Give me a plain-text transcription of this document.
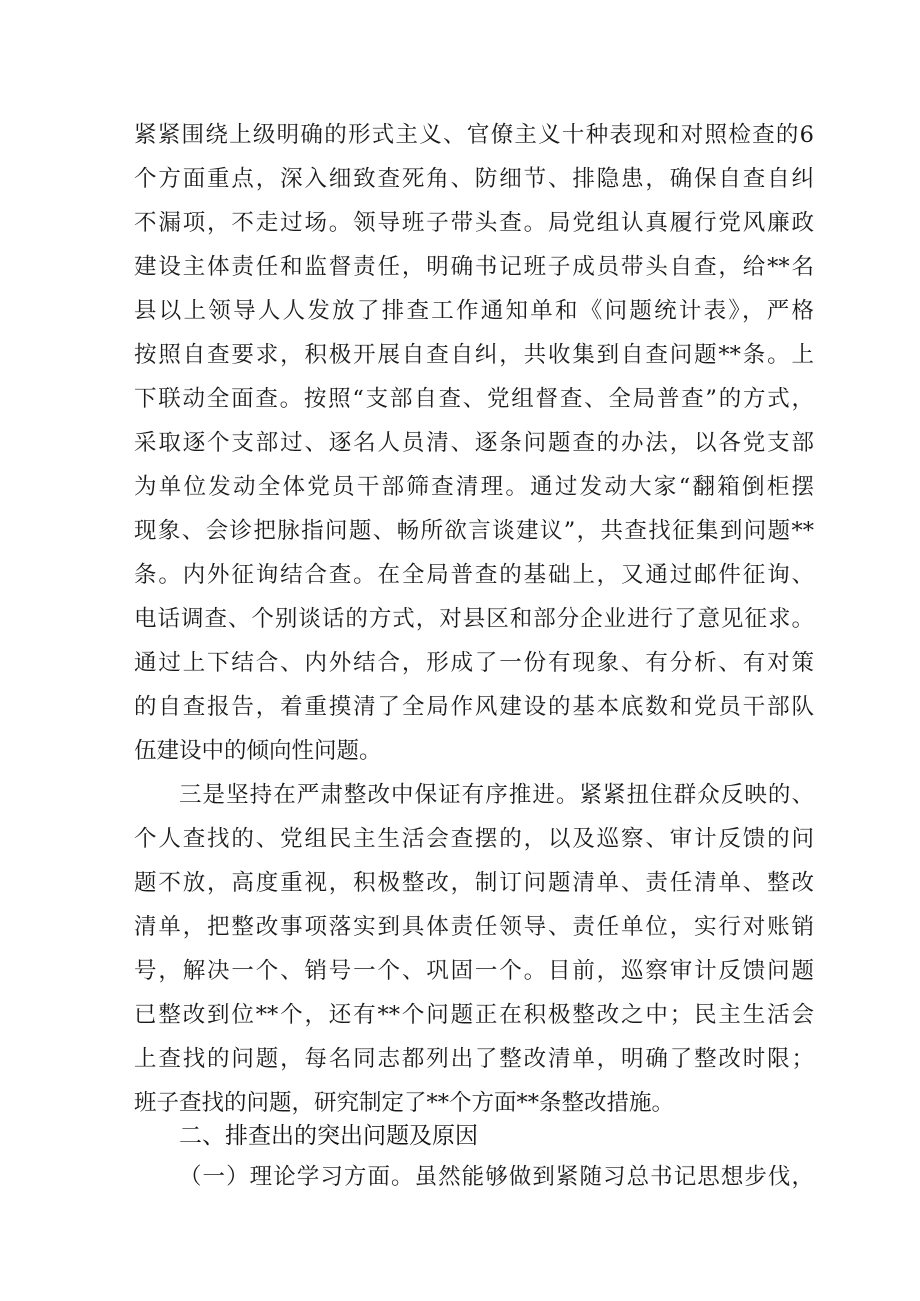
紧紧围绕上级明确的形式主义、官僚主义十种表现和对照检查的6
个方面重点，深入细致查死角、防细节、排隐患，确保自查自纠
不漏项，不走过场。领导班子带头查。局党组认真履行党风廉政
建设主体责任和监督责任，明确书记班子成员带头自查，给**名
县以上领导人人发放了排查工作通知单和《问题统计表》，严格
按照自查要求，积极开展自查自纠，共收集到自查问题**条。上
下联动全面查。按照“支部自查、党组督查、全局普查”的方式，
采取逐个支部过、逐名人员清、逐条问题查的办法，以各党支部
为单位发动全体党员干部筛查清理。通过发动大家“翻箱倒柜摆
现象、会诊把脉指问题、畅所欲言谈建议”，共查找征集到问题**
条。内外征询结合查。在全局普查的基础上，又通过邮件征询、
电话调查、个别谈话的方式，对县区和部分企业进行了意见征求。
通过上下结合、内外结合，形成了一份有现象、有分析、有对策
的自查报告，着重摸清了全局作风建设的基本底数和党员干部队
伍建设中的倾向性问题。
三是坚持在严肃整改中保证有序推进。紧紧扭住群众反映的、
个人查找的、党组民主生活会查摆的，以及巡察、审计反馈的问
题不放，高度重视，积极整改，制订问题清单、责任清单、整改
清单，把整改事项落实到具体责任领导、责任单位，实行对账销
号，解决一个、销号一个、巩固一个。目前，巡察审计反馈问题
已整改到位**个，还有**个问题正在积极整改之中；民主生活会
上查找的问题，每名同志都列出了整改清单，明确了整改时限；
班子查找的问题，研究制定了**个方面**条整改措施。
二、排查出的突出问题及原因
（一）理论学习方面。虽然能够做到紧随习总书记思想步伐，
